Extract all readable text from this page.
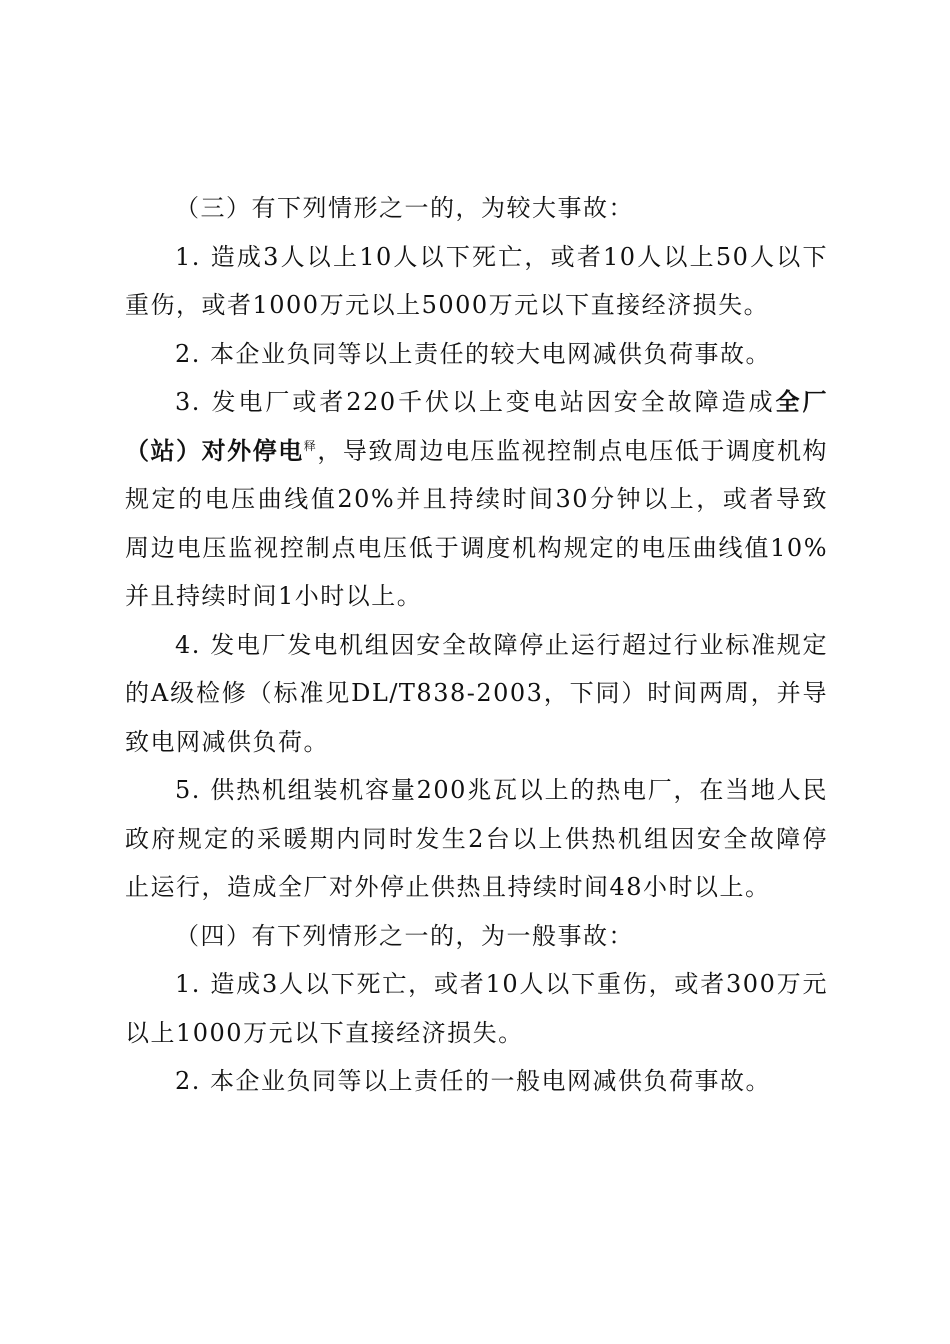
（三）有下列情形之一的，为较大事故：

1. 造成3人以上10人以下死亡，或者10人以上50人以下重伤，或者1000万元以上5000万元以下直接经济损失。

2. 本企业负同等以上责任的较大电网减供负荷事故。

3. 发电厂或者220千伏以上变电站因安全故障造成全厂（站）对外停电$^释$，导致周边电压监视控制点电压低于调度机构规定的电压曲线值20%并且持续时间30分钟以上，或者导致周边电压监视控制点电压低于调度机构规定的电压曲线值10%并且持续时间1小时以上。

4. 发电厂发电机组因安全故障停止运行超过行业标准规定的A级检修（标准见DL/T838-2003，下同）时间两周，并导致电网减供负荷。

5. 供热机组装机容量200兆瓦以上的热电厂，在当地人民政府规定的采暖期内同时发生2台以上供热机组因安全故障停止运行，造成全厂对外停止供热且持续时间48小时以上。

（四）有下列情形之一的，为一般事故：

1. 造成3人以下死亡，或者10人以下重伤，或者300万元以上1000万元以下直接经济损失。

2. 本企业负同等以上责任的一般电网减供负荷事故。
